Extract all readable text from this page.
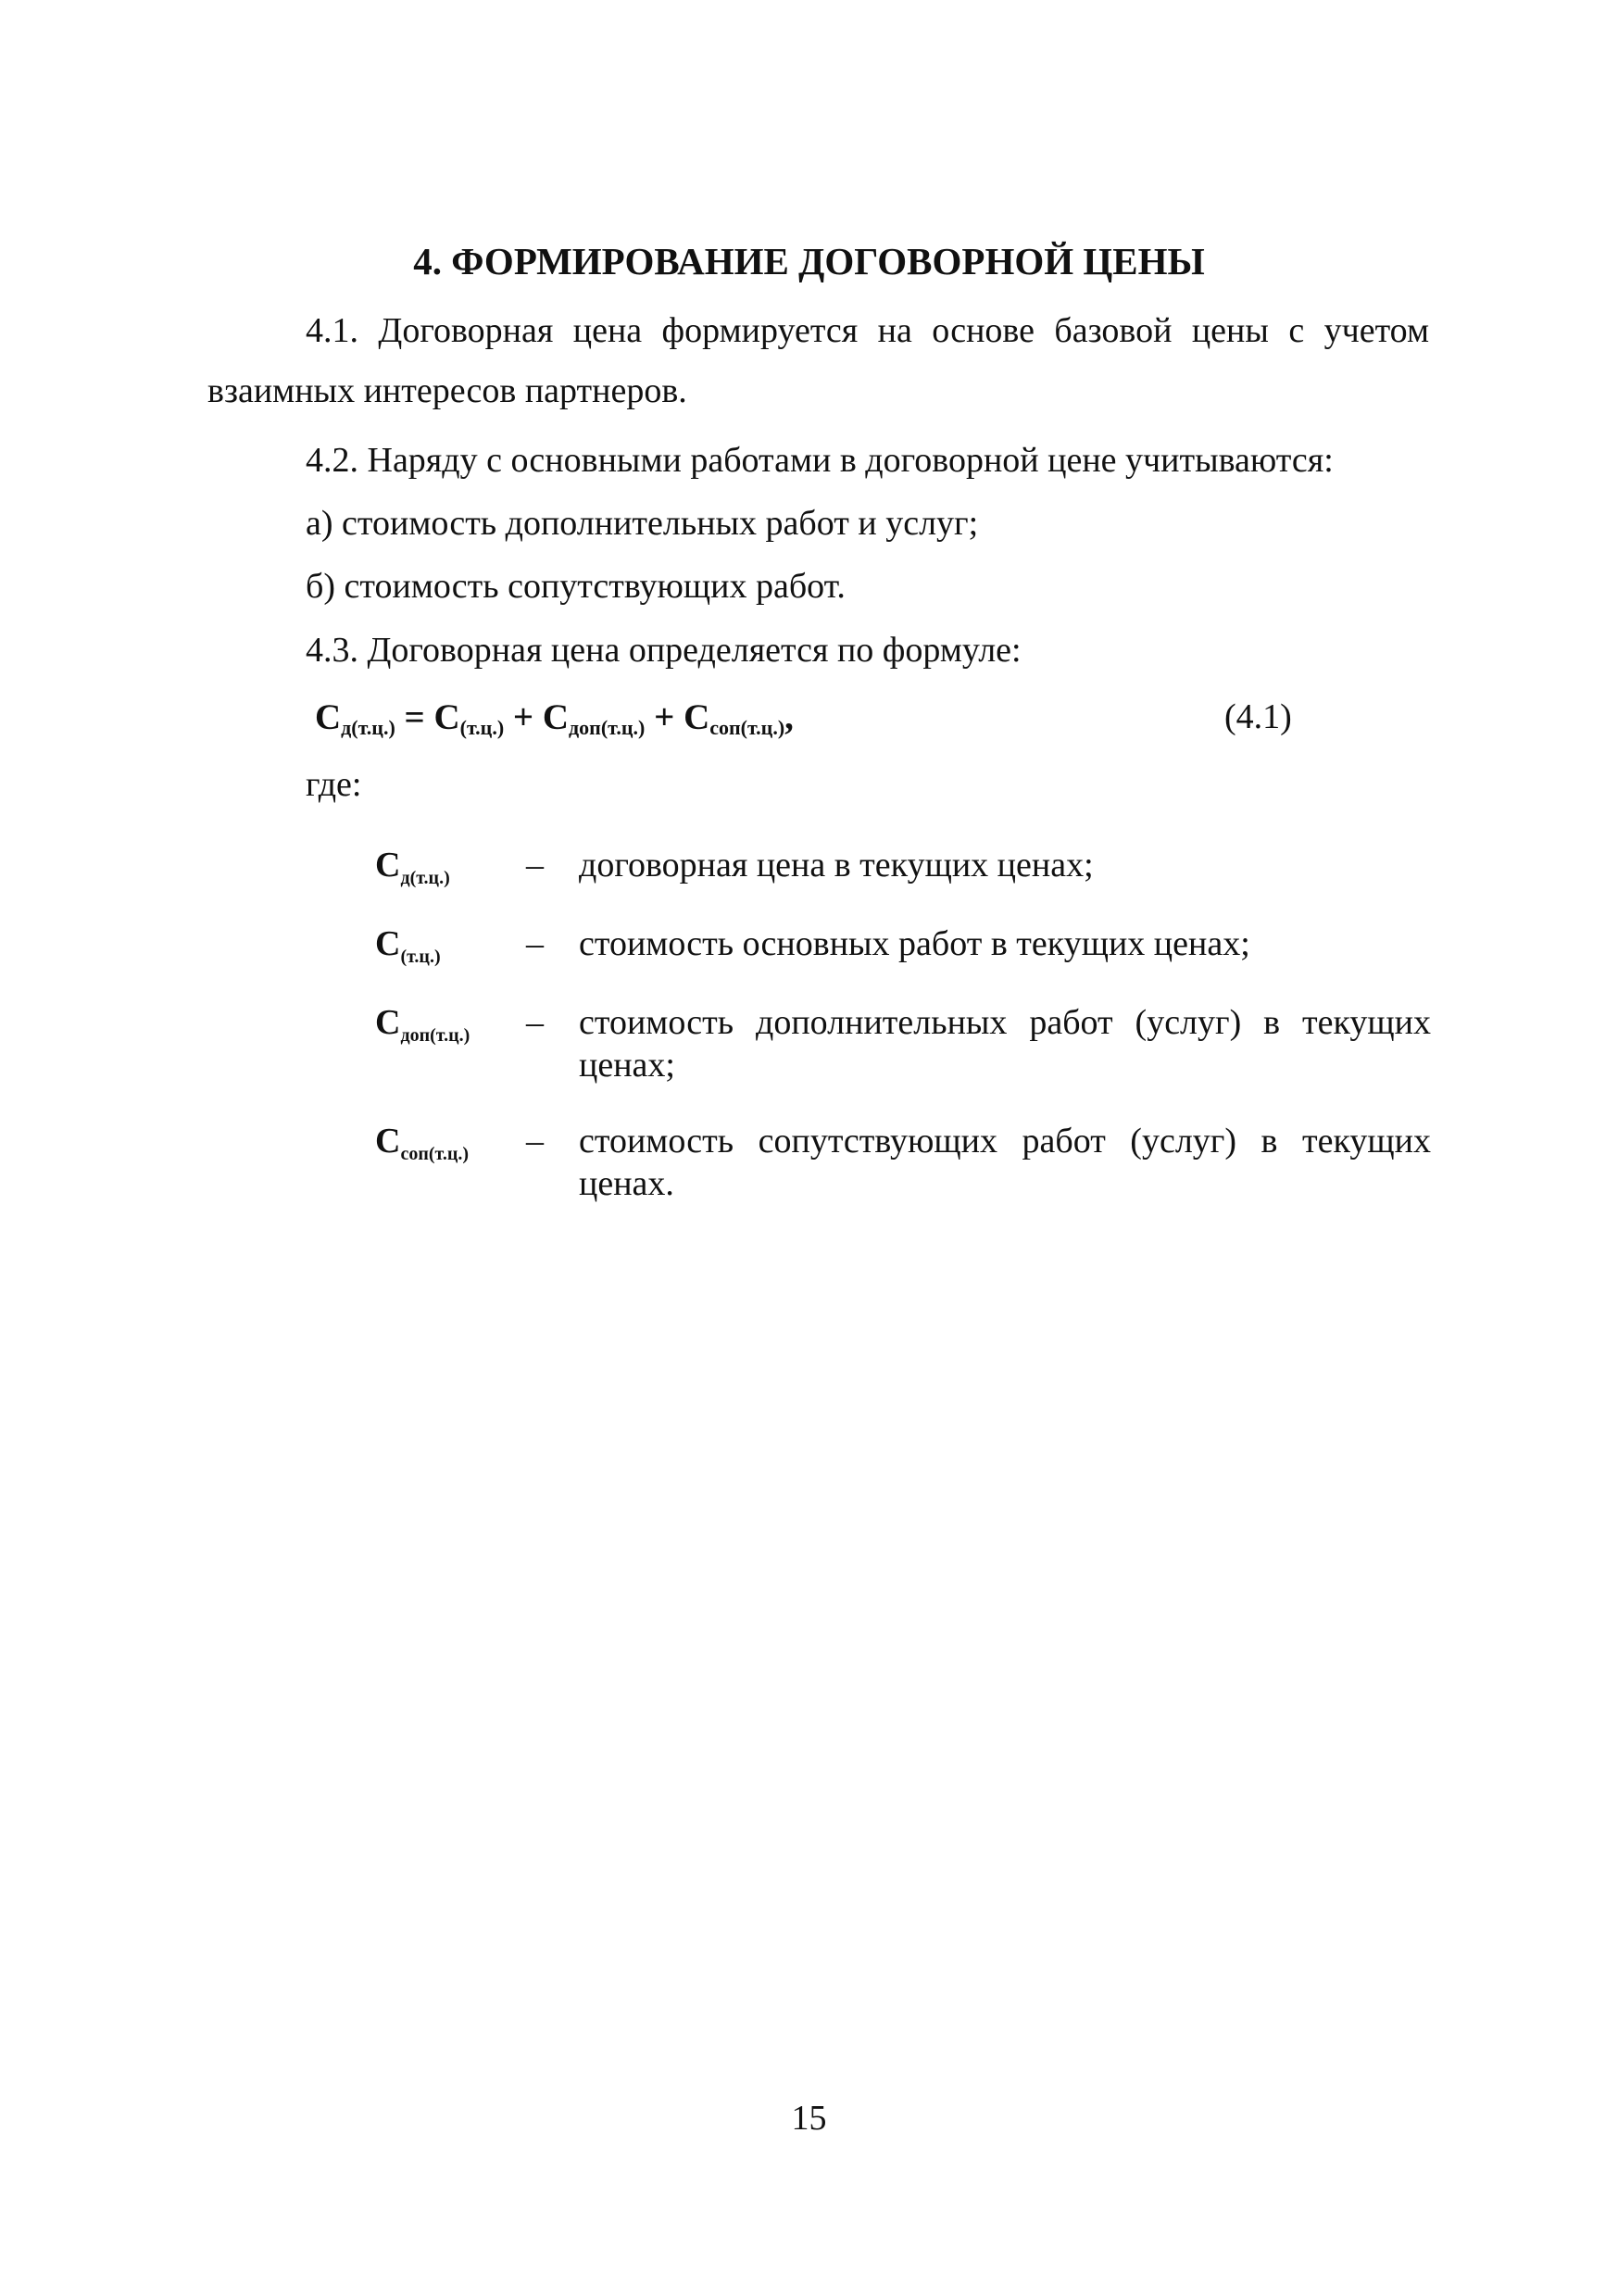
4. ФОРМИРОВАНИЕ ДОГОВОРНОЙ ЦЕНЫ
4.1. Договорная цена формируется на основе базовой цены с учетом
взаимных интересов партнеров.
4.2. Наряду с основными работами в договорной цене учитываются:
а) стоимость дополнительных работ и услуг;
б) стоимость сопутствующих работ.
4.3. Договорная цена определяется по формуле:
$С_{д(т.ц.)} = С_{(т.ц.)} + С_{доп(т.ц.)} + С_{соп(т.ц.)}$,	(4.1)
где:
$С_{д(т.ц.)}$ – договорная цена в текущих ценах;
$С_{(т.ц.)}$ – стоимость основных работ в текущих ценах;
$С_{доп(т.ц.)}$ – стоимость дополнительных работ (услуг) в текущих ценах;
$С_{соп(т.ц.)}$ – стоимость сопутствующих работ (услуг) в текущих ценах.
15
